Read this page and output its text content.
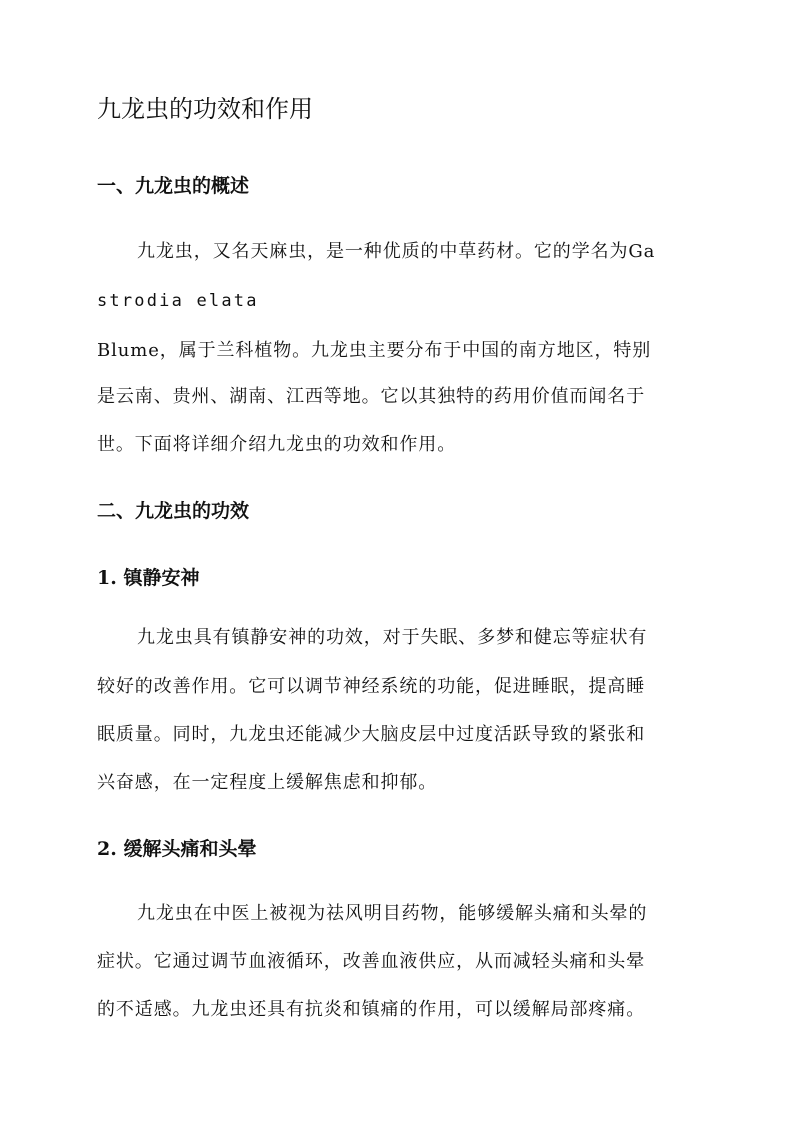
九龙虫的功效和作用
一、九龙虫的概述
九龙虫，又名天麻虫，是一种优质的中草药材。它的学名为Ga
strodia elata
Blume，属于兰科植物。九龙虫主要分布于中国的南方地区，特别
是云南、贵州、湖南、江西等地。它以其独特的药用价值而闻名于
世。下面将详细介绍九龙虫的功效和作用。
二、九龙虫的功效
1. 镇静安神
九龙虫具有镇静安神的功效，对于失眠、多梦和健忘等症状有
较好的改善作用。它可以调节神经系统的功能，促进睡眠，提高睡
眠质量。同时，九龙虫还能减少大脑皮层中过度活跃导致的紧张和
兴奋感，在一定程度上缓解焦虑和抑郁。
2. 缓解头痛和头晕
九龙虫在中医上被视为祛风明目药物，能够缓解头痛和头晕的
症状。它通过调节血液循环，改善血液供应，从而减轻头痛和头晕
的不适感。九龙虫还具有抗炎和镇痛的作用，可以缓解局部疼痛。
